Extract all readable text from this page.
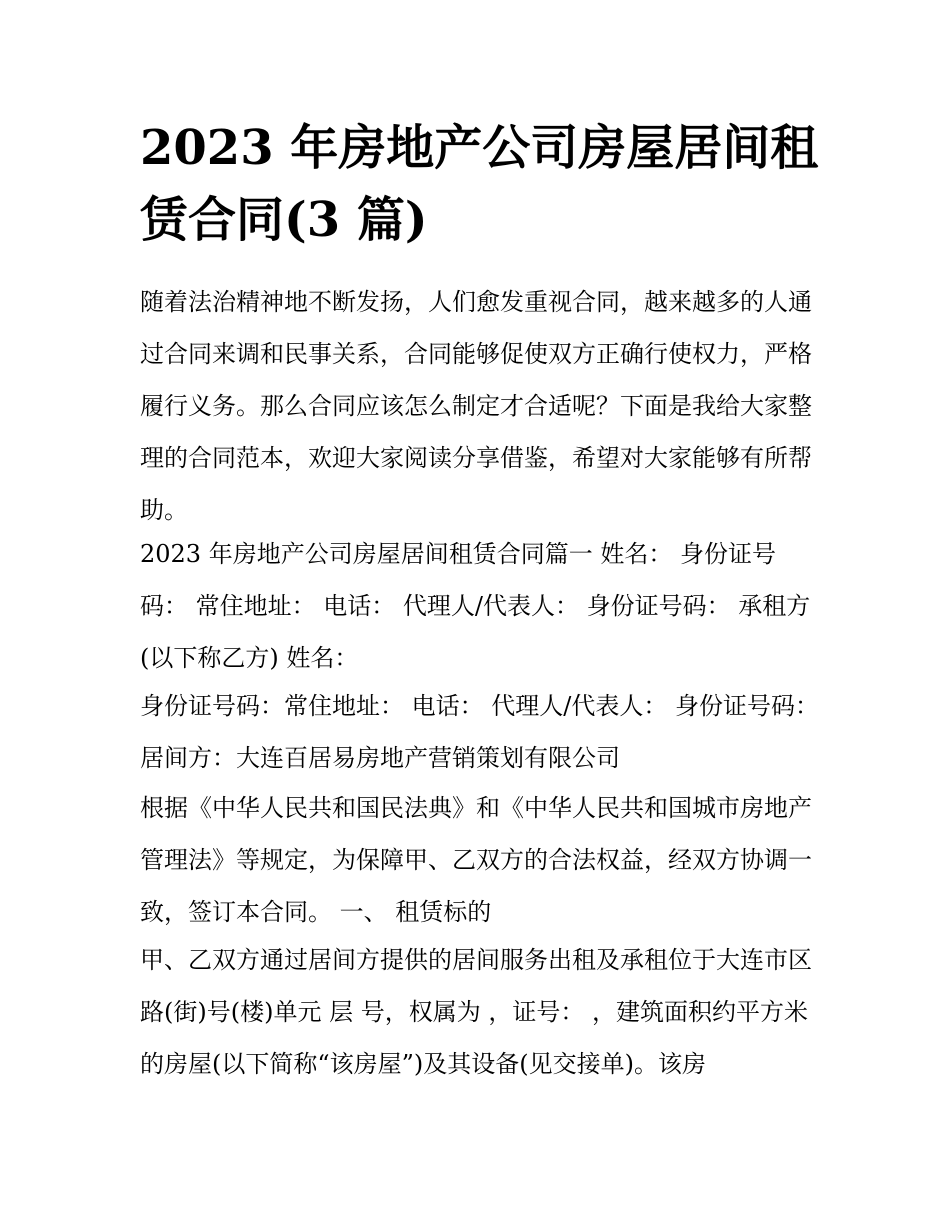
2023 年房地产公司房屋居间租赁合同(3 篇)

随着法治精神地不断发扬，人们愈发重视合同，越来越多的人通过合同来调和民事关系，合同能够促使双方正确行使权力，严格履行义务。那么合同应该怎么制定才合适呢？下面是我给大家整理的合同范本，欢迎大家阅读分享借鉴，希望对大家能够有所帮助。

2023 年房地产公司房屋居间租赁合同篇一 姓名： 身份证号码： 常住地址： 电话： 代理人/代表人： 身份证号码： 承租方(以下称乙方) 姓名：

身份证号码：常住地址： 电话： 代理人/代表人： 身份证号码： 居间方：大连百居易房地产营销策划有限公司

根据《中华人民共和国民法典》和《中华人民共和国城市房地产管理法》等规定，为保障甲、乙双方的合法权益，经双方协调一致，签订本合同。 一、 租赁标的

甲、乙双方通过居间方提供的居间服务出租及承租位于大连市区路(街)号(楼)单元 层 号，权属为 ，证号： ，建筑面积约平方米的房屋(以下简称“该房屋”)及其设备(见交接单)。该房
